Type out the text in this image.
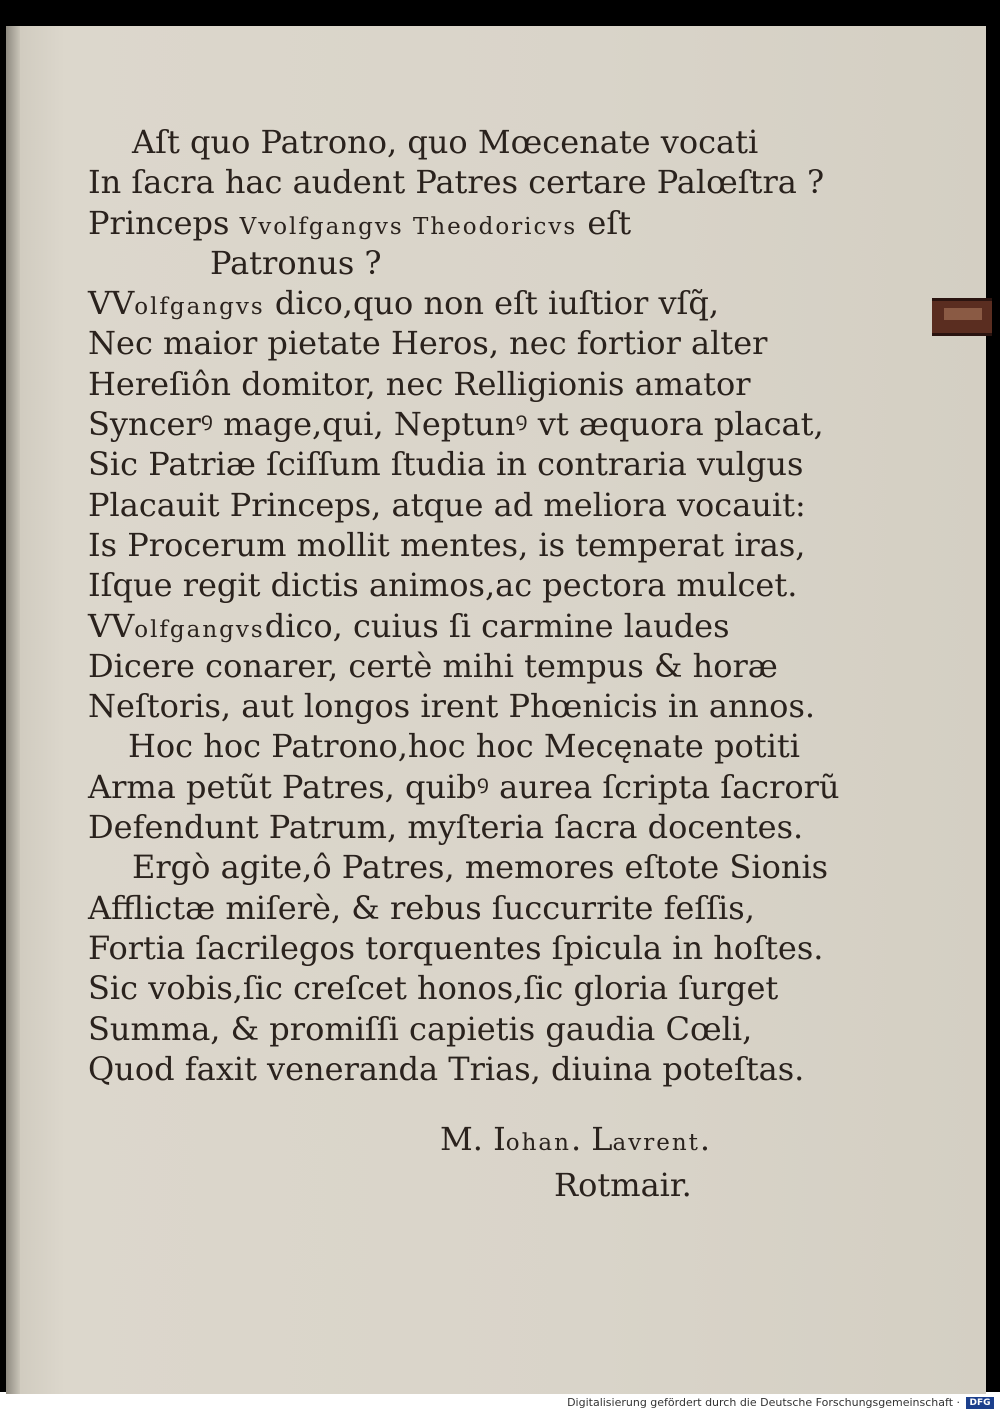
Aſt quo Patrono, quo Mœcenate vocati
In ſacra hac audent Patres certare Palœſtra ?
Princeps Vvolfgangvs Theodoricvs eſt
Patronus ?
VVolfgangvs dico,quo non eſt iuſtior vſq̃,
Nec maior pietate Heros, nec fortior alter
Hereſiôn domitor, nec Relligionis amator
Syncerꝰ mage,qui, Neptunꝰ vt æquora placat,
Sic Patriæ ſciſſum ſtudia in contraria vulgus
Placauit Princeps, atque ad meliora vocauit:
Is Procerum mollit mentes, is temperat iras,
Iſque regit dictis animos,ac pectora mulcet.
VVolfgangvsdico, cuius ſi carmine laudes
Dicere conarer, certè mihi tempus & horæ
Neſtoris, aut longos irent Phœnicis in annos.
Hoc hoc Patrono,hoc hoc Mecęnate potiti
Arma petũt Patres, quibꝰ aurea ſcripta ſacrorũ
Defendunt Patrum, myſteria ſacra docentes.
Ergò agite,ô Patres, memores eſtote Sionis
Afflictæ miſerè, & rebus ſuccurrite feſſis,
Fortia ſacrilegos torquentes ſpicula in hoſtes.
Sic vobis,ſic creſcet honos,ſic gloria ſurget
Summa, & promiſſi capietis gaudia Cœli,
Quod faxit veneranda Trias, diuina poteſtas.
M. Iohan. Lavrent.
Rotmair.
Digitalisierung gefördert durch die Deutsche Forschungsgemeinschaft ·	DFG
